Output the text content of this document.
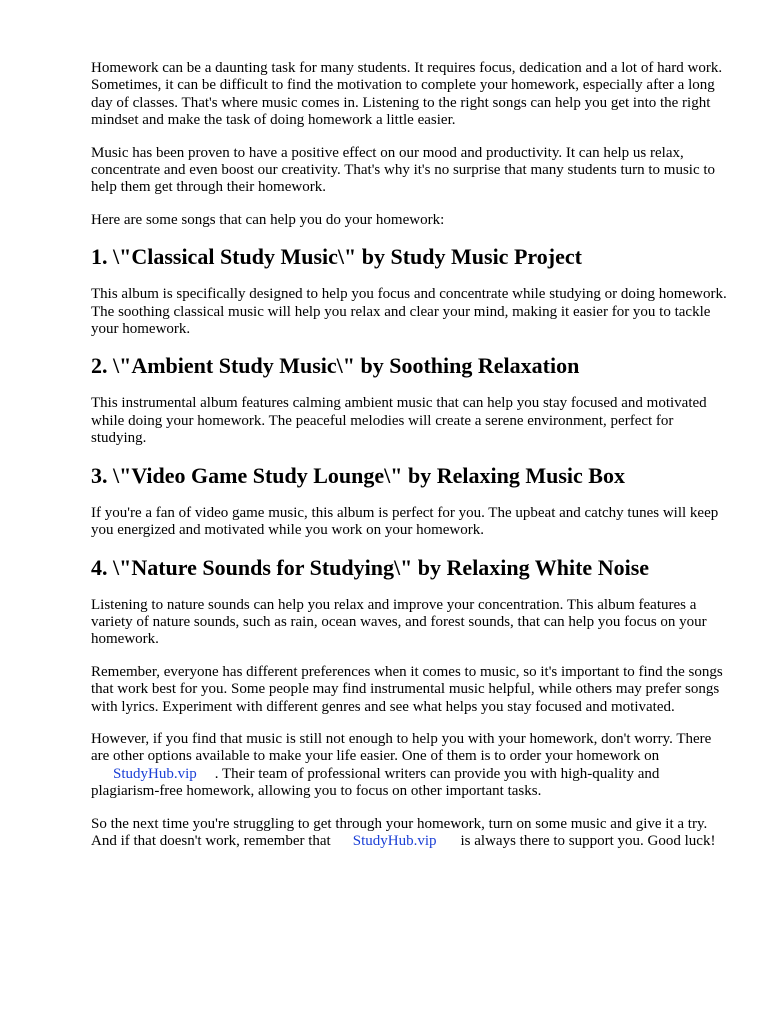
Homework can be a daunting task for many students. It requires focus, dedication and a lot of hard work. Sometimes, it can be difficult to find the motivation to complete your homework, especially after a long day of classes. That's where music comes in. Listening to the right songs can help you get into the right mindset and make the task of doing homework a little easier.

Music has been proven to have a positive effect on our mood and productivity. It can help us relax, concentrate and even boost our creativity. That's why it's no surprise that many students turn to music to help them get through their homework.

Here are some songs that can help you do your homework:

1. \"Classical Study Music\" by Study Music Project

This album is specifically designed to help you focus and concentrate while studying or doing homework. The soothing classical music will help you relax and clear your mind, making it easier for you to tackle your homework.

2. \"Ambient Study Music\" by Soothing Relaxation

This instrumental album features calming ambient music that can help you stay focused and motivated while doing your homework. The peaceful melodies will create a serene environment, perfect for studying.

3. \"Video Game Study Lounge\" by Relaxing Music Box

If you're a fan of video game music, this album is perfect for you. The upbeat and catchy tunes will keep you energized and motivated while you work on your homework.

4. \"Nature Sounds for Studying\" by Relaxing White Noise

Listening to nature sounds can help you relax and improve your concentration. This album features a variety of nature sounds, such as rain, ocean waves, and forest sounds, that can help you focus on your homework.

Remember, everyone has different preferences when it comes to music, so it's important to find the songs that work best for you. Some people may find instrumental music helpful, while others may prefer songs with lyrics. Experiment with different genres and see what helps you stay focused and motivated.

However, if you find that music is still not enough to help you with your homework, don't worry. There are other options available to make your life easier. One of them is to order your homework on
StudyHub.vip . Their team of professional writers can provide you with high-quality and plagiarism-free homework, allowing you to focus on other important tasks.

So the next time you're struggling to get through your homework, turn on some music and give it a try. And if that doesn't work, remember that StudyHub.vip is always there to support you. Good luck!
